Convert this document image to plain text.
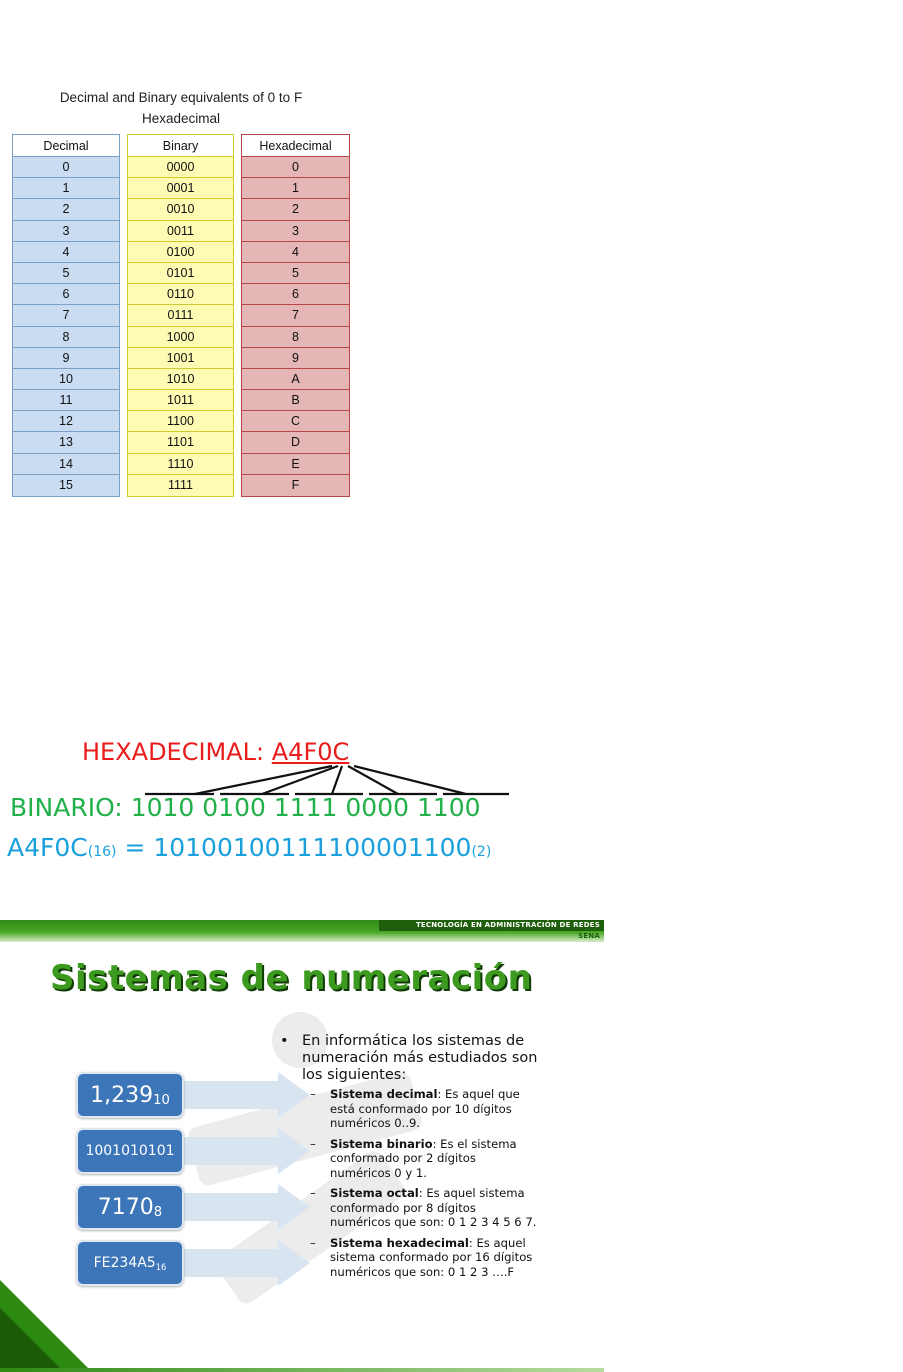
Decimal and Binary equivalents of 0 to F
Hexadecimal
Decimal
0
1
2
3
4
5
6
7
8
9
10
11
12
13
14
15
Binary
0000
0001
0010
0011
0100
0101
0110
0111
1000
1001
1010
1011
1100
1101
1110
1111
Hexadecimal
0
1
2
3
4
5
6
7
8
9
A
B
C
D
E
F
HEXADECIMAL: A4F0C
BINARIO: 1010 0100 1111 0000 1100
A4F0C(16) = 10100100111100001100(2)
TECNOLOGÍA EN ADMINISTRACIÓN DE REDES
SENA
Sistemas de numeración
1,239 10
1001010101
7170 8
FE234A5 16
• En informática los sistemas de numeración más estudiados son los siguientes:
– Sistema decimal: Es aquel que está conformado por 10 dígitos numéricos 0..9.
– Sistema binario: Es el sistema conformado por 2 dígitos numéricos 0 y 1.
– Sistema octal: Es aquel sistema conformado por 8 dígitos numéricos que son: 0 1 2 3 4 5 6 7.
– Sistema hexadecimal: Es aquel sistema conformado por 16 dígitos numéricos que son: 0 1 2 3 ….F
